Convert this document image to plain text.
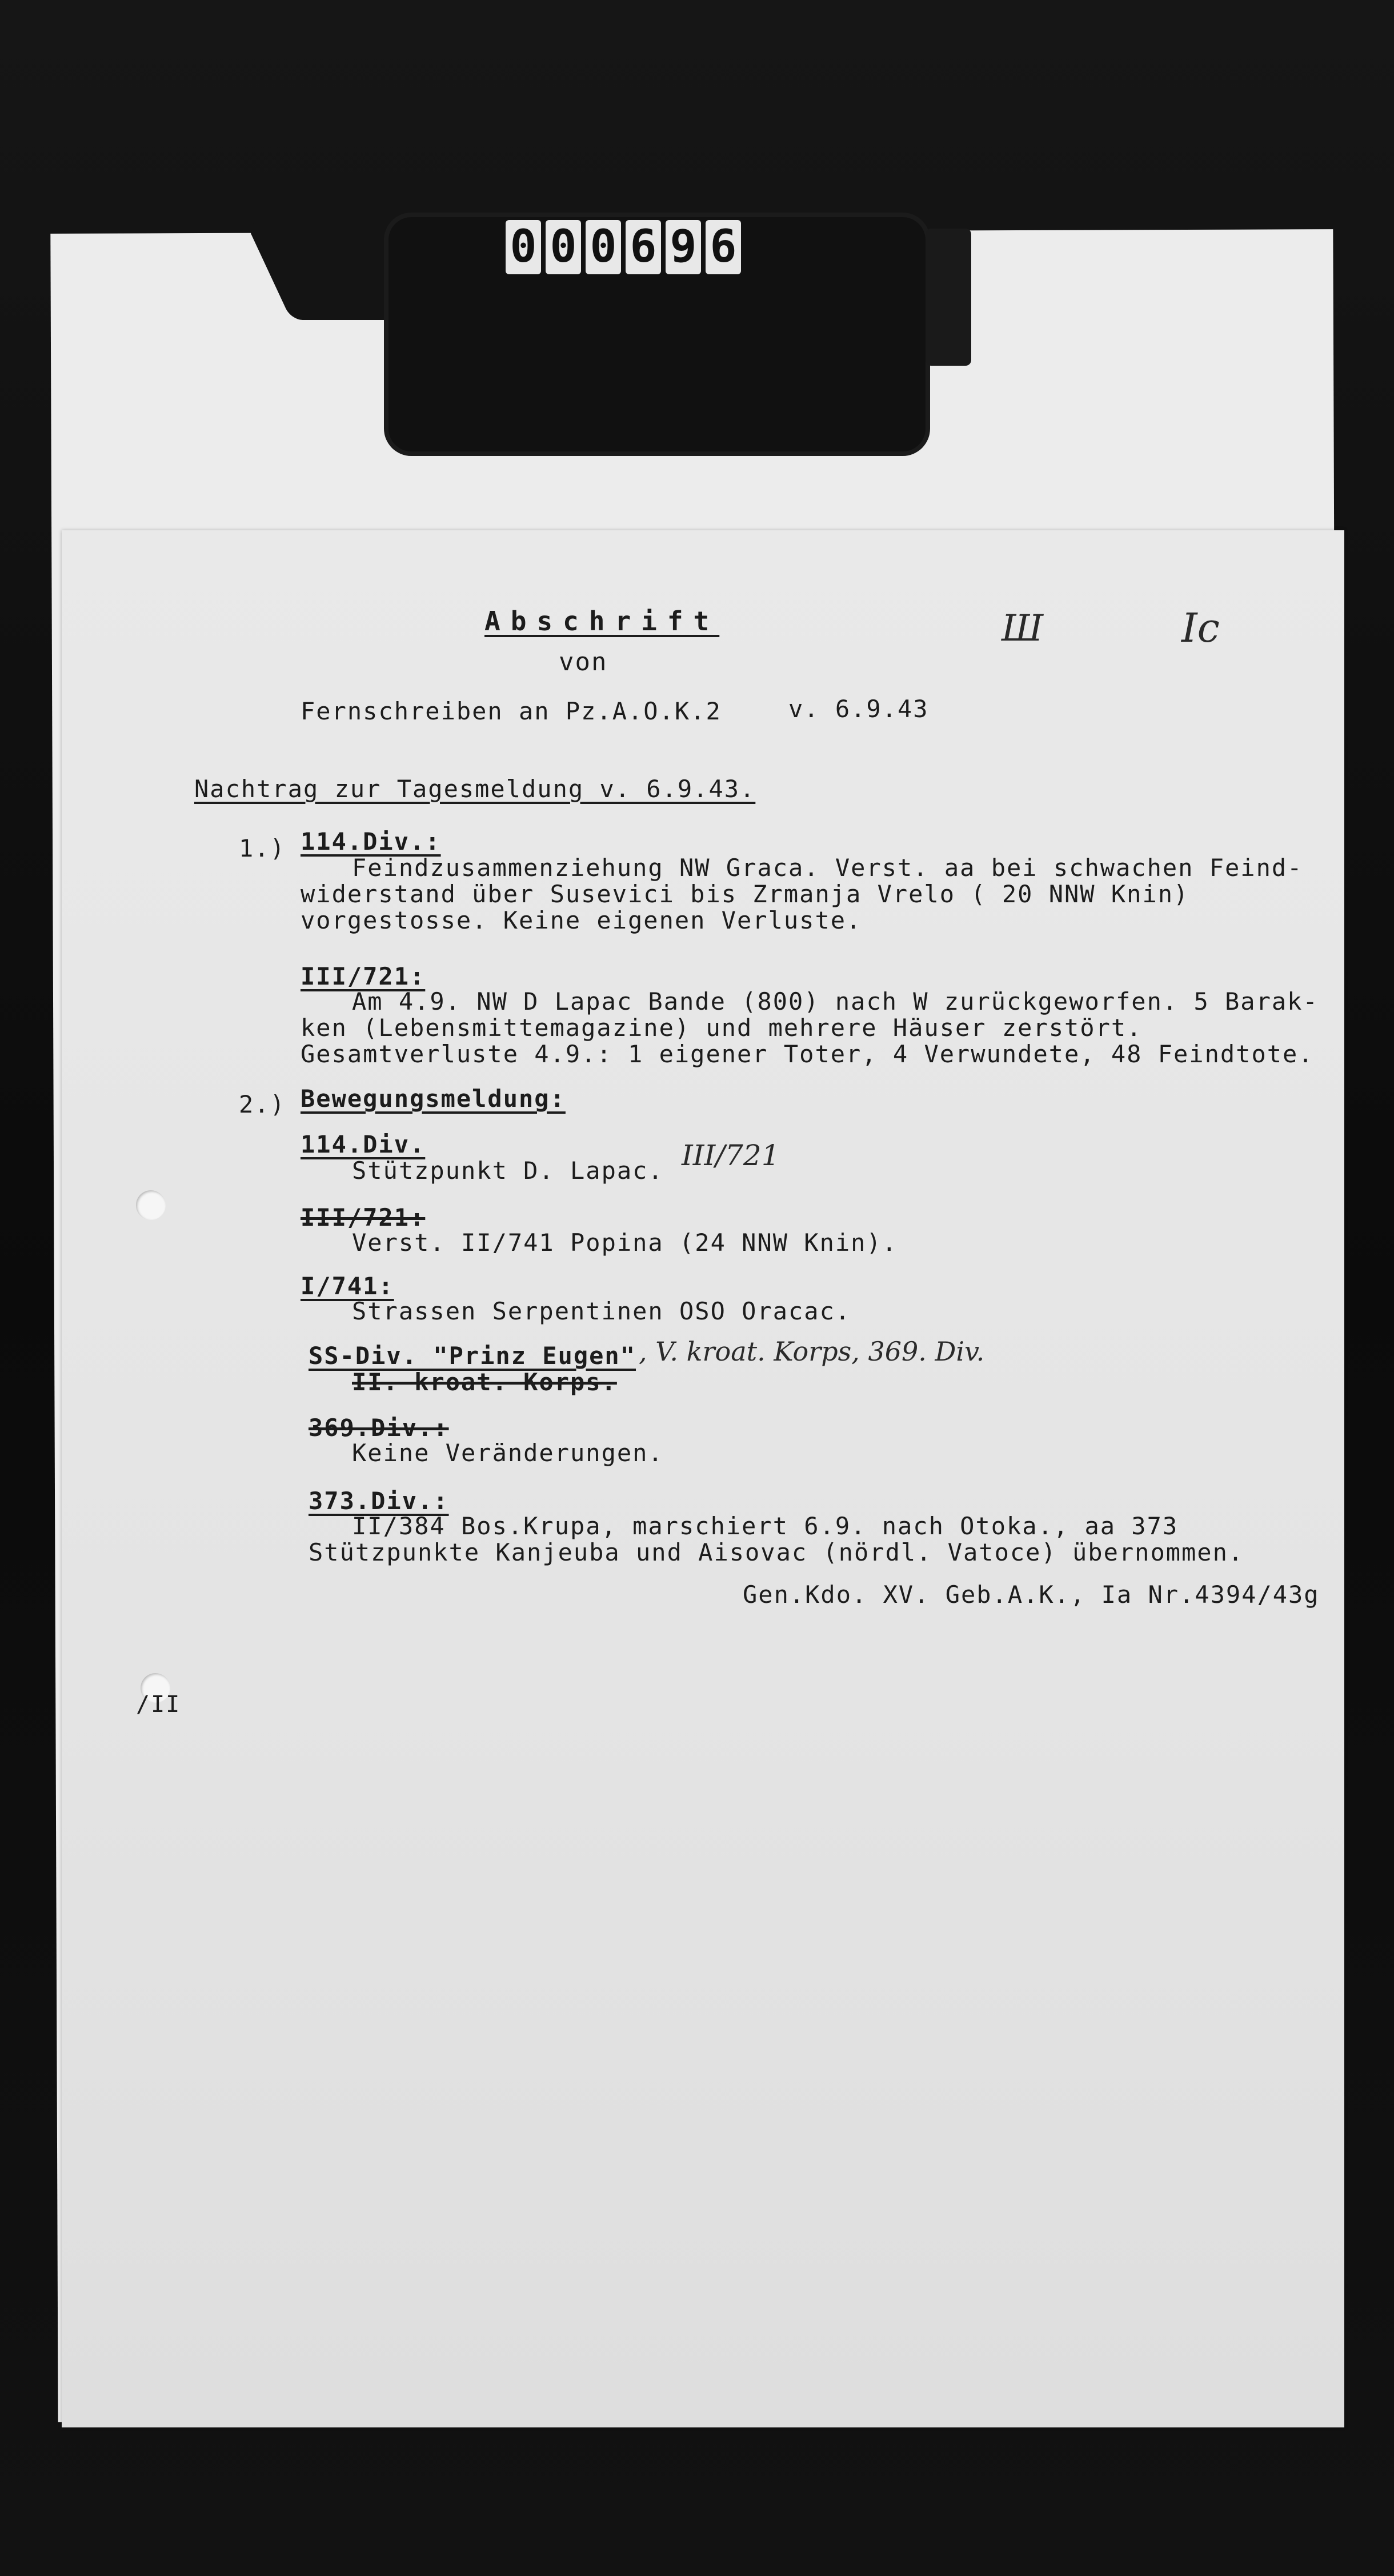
0 0 0 6 9 6
Abschrift
von
Ш	Ic
Fernschreiben an Pz.A.O.K.2	v. 6.9.43
Nachtrag zur Tagesmeldung v. 6.9.43.
1.) 114.Div.:
Feindzusammenziehung NW Graca. Verst. aa bei schwachen Feind-
widerstand über Susevici bis Zrmanja Vrelo ( 20 NNW Knin)
vorgestosse. Keine eigenen Verluste.
III/721:
Am 4.9. NW D Lapac Bande (800) nach W zurückgeworfen. 5 Barak-
ken (Lebensmittemagazine) und mehrere Häuser zerstört.
Gesamtverluste 4.9.: 1 eigener Toter, 4 Verwundete, 48 Feindtote.
2.) Bewegungsmeldung:
114.Div.
Stützpunkt D. Lapac. III/721
III/721:
Verst. II/741 Popina (24 NNW Knin).
I/741:
Strassen Serpentinen OSO Oracac.
SS-Div. "Prinz Eugen" , V. kroat. Korps, 369. Div.
II. kroat. Korps.
369.Div.:
Keine Veränderungen.
373.Div.:
II/384 Bos.Krupa, marschiert 6.9. nach Otoka., aa 373
Stützpunkte Kanjeuba und Aisovac (nördl. Vatoce) übernommen.
Gen.Kdo. XV. Geb.A.K., Ia Nr.4394/43g
/II
